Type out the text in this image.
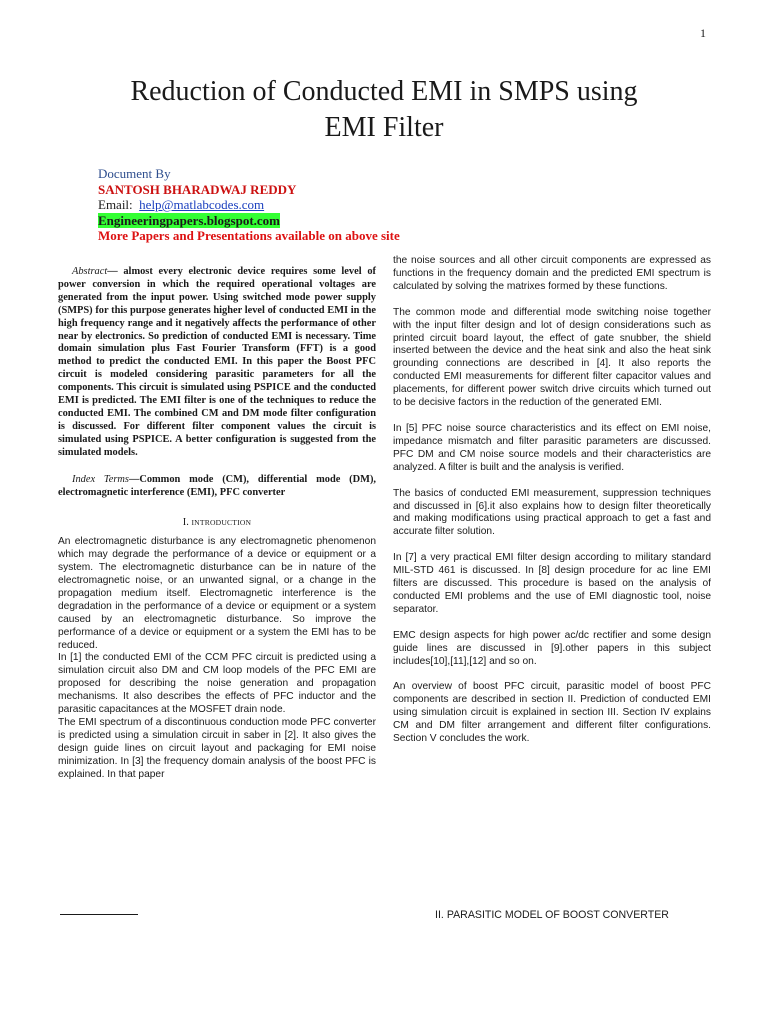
1
Reduction of Conducted EMI in SMPS using
EMI Filter
Document By
SANTOSH BHARADWAJ REDDY
Email: help@matlabcodes.com
Engineeringpapers.blogspot.com
More Papers and Presentations available on above site

Abstract— almost every electronic device requires some level of power conversion in which the required operational voltages are generated from the input power. Using switched mode power supply (SMPS) for this purpose generates higher level of conducted EMI in the high frequency range and it negatively affects the performance of other near by electronics. So prediction of conducted EMI is necessary. Time domain simulation plus Fast Fourier Transform (FFT) is a good method to predict the conducted EMI. In this paper the Boost PFC circuit is modeled considering parasitic parameters for all the components. This circuit is simulated using PSPICE and the conducted EMI is predicted. The EMI filter is one of the techniques to reduce the conducted EMI. The combined CM and DM mode filter configuration is discussed. For different filter component values the circuit is simulated using PSPICE. A better configuration is suggested from the simulated models.

Index Terms—Common mode (CM), differential mode (DM), electromagnetic interference (EMI), PFC converter

I. INTRODUCTION

An electromagnetic disturbance is any electromagnetic phenomenon which may degrade the performance of a device or equipment or a system. The electromagnetic disturbance can be in nature of the electromagnetic noise, or an unwanted signal, or a change in the propagation medium itself. Electromagnetic interference is the degradation in the performance of a device or equipment or a system caused by an electromagnetic disturbance. So improve the performance of a device or equipment or a system the EMI has to be reduced.

In [1] the conducted EMI of the CCM PFC circuit is predicted using a simulation circuit also DM and CM loop models of the PFC EMI are proposed for describing the noise generation and propagation mechanisms. It also describes the effects of PFC inductor and the parasitic capacitances at the MOSFET drain node.

The EMI spectrum of a discontinuous conduction mode PFC converter is predicted using a simulation circuit in saber in [2]. It also gives the design guide lines on circuit layout and packaging for EMI noise minimization. In [3] the frequency domain analysis of the boost PFC is explained. In that paper

the noise sources and all other circuit components are expressed as functions in the frequency domain and the predicted EMI spectrum is calculated by solving the matrixes formed by these functions.

The common mode and differential mode switching noise together with the input filter design and lot of design considerations such as printed circuit board layout, the effect of gate snubber, the shield inserted between the device and the heat sink and also the heat sink grounding connections are described in [4]. It also reports the conducted EMI measurements for different filter capacitor values and placements, for different power switch drive circuits which turned out to be decisive factors in the reduction of the generated EMI.

In [5] PFC noise source characteristics and its effect on EMI noise, impedance mismatch and filter parasitic parameters are discussed. PFC DM and CM noise source models and their characteristics are analyzed. A filter is built and the analysis is verified.

The basics of conducted EMI measurement, suppression techniques and discussed in [6].it also explains how to design filter theoretically and making modifications using practical approach to get a fast and accurate filter solution.

In [7] a very practical EMI filter design according to military standard MIL-STD 461 is discussed. In [8] design procedure for ac line EMI filters are discussed. This procedure is based on the analysis of conducted EMI problems and the use of EMI diagnostic tool, noise separator.

EMC design aspects for high power ac/dc rectifier and some design guide lines are discussed in [9].other papers in this subject includes[10],[11],[12] and so on.

An overview of boost PFC circuit, parasitic model of boost PFC components are described in section II. Prediction of conducted EMI using simulation circuit is explained in section III. Section IV explains CM and DM filter arrangement and different filter configurations. Section V concludes the work.

II. PARASITIC MODEL OF BOOST CONVERTER
